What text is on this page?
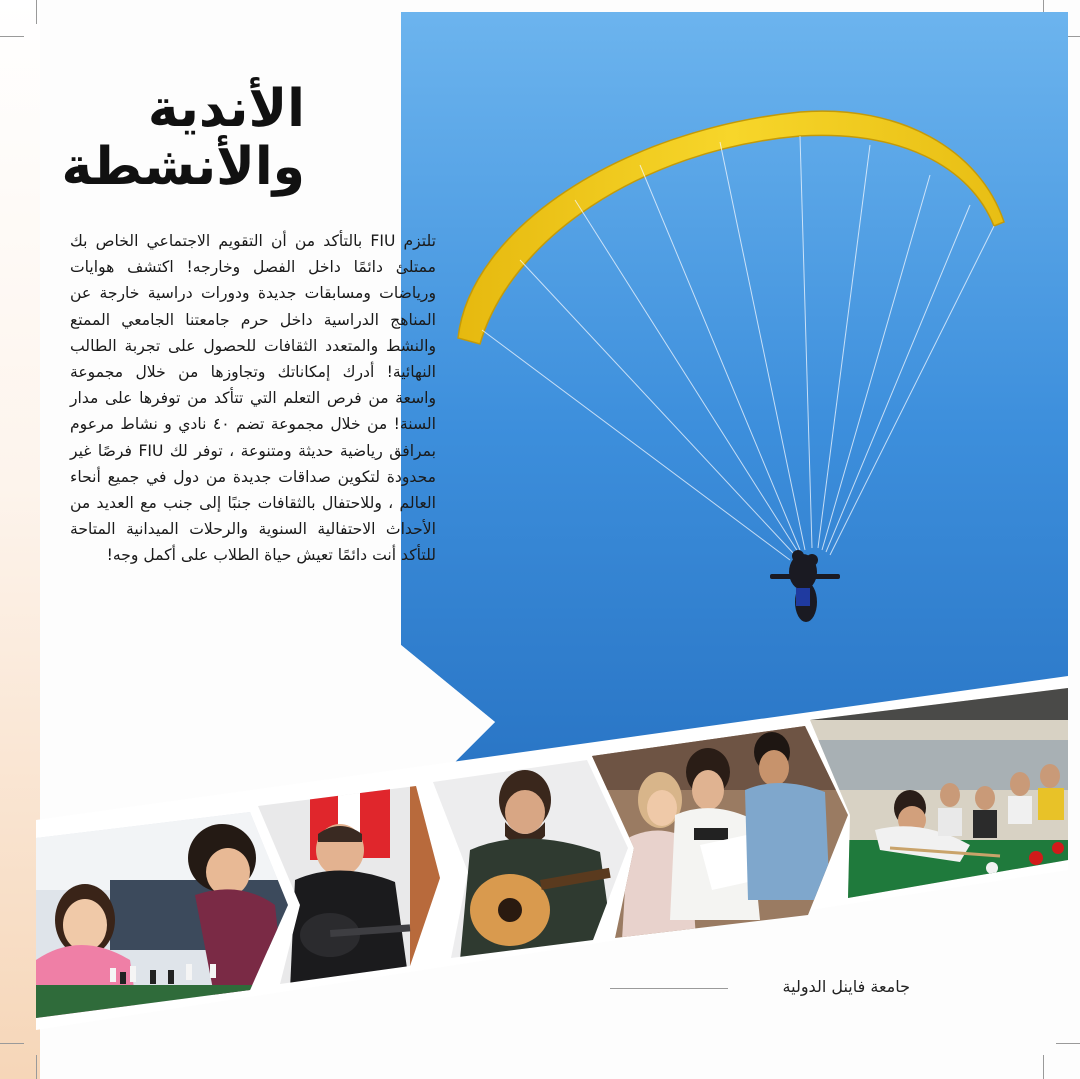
الأندية
والأنشطة

تلتزم FIU بالتأكد من أن التقويم الاجتماعي الخاص بك ممتلئ دائمًا داخل الفصل وخارجه! اكتشف هوايات ورياضات ومسابقات جديدة ودورات دراسية خارجة عن المناهج الدراسية داخل حرم جامعتنا الجامعي الممتع والنشط والمتعدد الثقافات للحصول على تجربة الطالب النهائية! أدرك إمكاناتك وتجاوزها من خلال مجموعة واسعة من فرص التعلم التي تتأكد من توفرها على مدار السنة! من خلال مجموعة تضم ٤٠ نادي و نشاط مرعوم بمرافق رياضية حديثة ومتنوعة ، توفر لك FIU فرصًا غير محدودة لتكوين صداقات جديدة من دول في جميع أنحاء العالم ، وللاحتفال بالثقافات جنبًا إلى جنب مع العديد من الأحداث الاحتفالية السنوية والرحلات الميدانية المتاحة للتأكد أنت دائمًا تعيش حياة الطلاب على أكمل وجه!

جامعة فاينل الدولية
